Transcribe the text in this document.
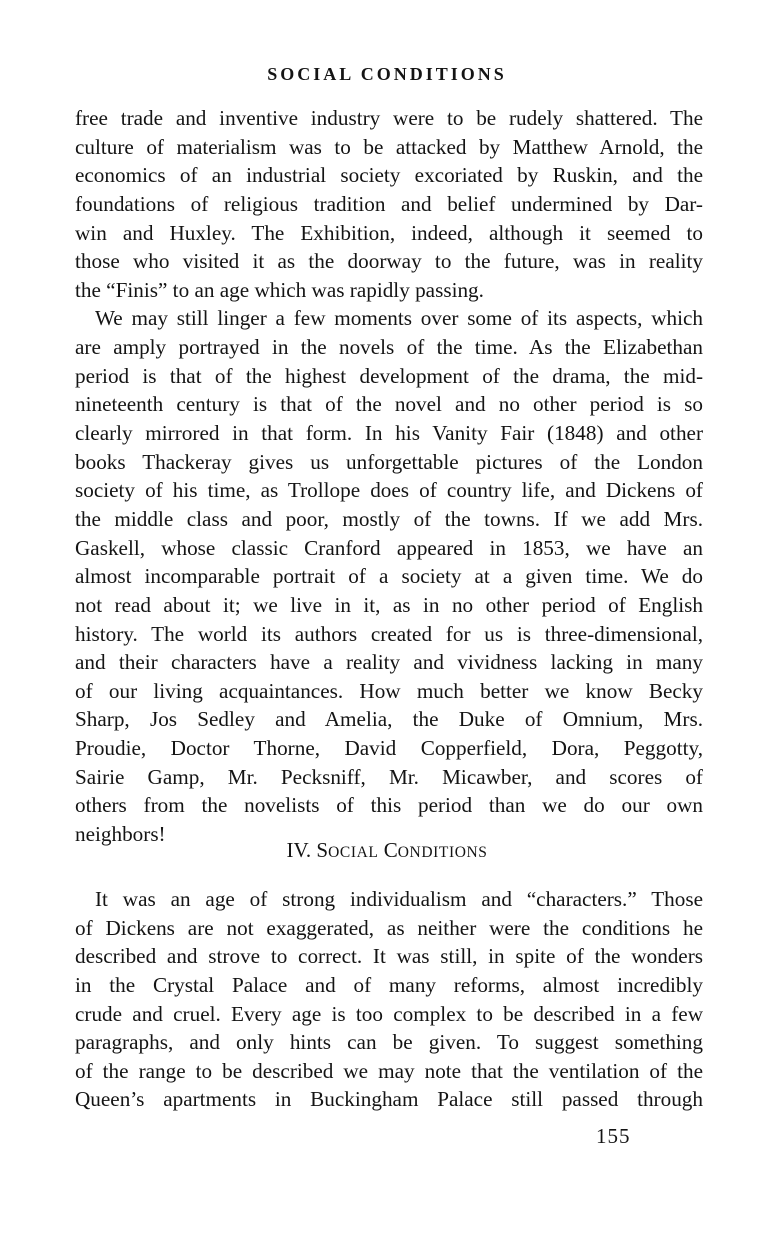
SOCIAL CONDITIONS
free trade and inventive industry were to be rudely shattered. The
culture of materialism was to be attacked by Matthew Arnold, the
economics of an industrial society excoriated by Ruskin, and the
foundations of religious tradition and belief undermined by Dar-
win and Huxley. The Exhibition, indeed, although it seemed to
those who visited it as the doorway to the future, was in reality
the “Finis” to an age which was rapidly passing.
We may still linger a few moments over some of its aspects, which
are amply portrayed in the novels of the time. As the Elizabethan
period is that of the highest development of the drama, the mid-
nineteenth century is that of the novel and no other period is so
clearly mirrored in that form. In his Vanity Fair (1848) and other
books Thackeray gives us unforgettable pictures of the London
society of his time, as Trollope does of country life, and Dickens of
the middle class and poor, mostly of the towns. If we add Mrs.
Gaskell, whose classic Cranford appeared in 1853, we have an
almost incomparable portrait of a society at a given time. We do
not read about it; we live in it, as in no other period of English
history. The world its authors created for us is three-dimensional,
and their characters have a reality and vividness lacking in many
of our living acquaintances. How much better we know Becky
Sharp, Jos Sedley and Amelia, the Duke of Omnium, Mrs.
Proudie, Doctor Thorne, David Copperfield, Dora, Peggotty,
Sairie Gamp, Mr. Pecksniff, Mr. Micawber, and scores of
others from the novelists of this period than we do our own
neighbors!
IV. SOCIAL CONDITIONS
It was an age of strong individualism and “characters.” Those
of Dickens are not exaggerated, as neither were the conditions he
described and strove to correct. It was still, in spite of the wonders
in the Crystal Palace and of many reforms, almost incredibly
crude and cruel. Every age is too complex to be described in a few
paragraphs, and only hints can be given. To suggest something
of the range to be described we may note that the ventilation of the
Queen’s apartments in Buckingham Palace still passed through
155
